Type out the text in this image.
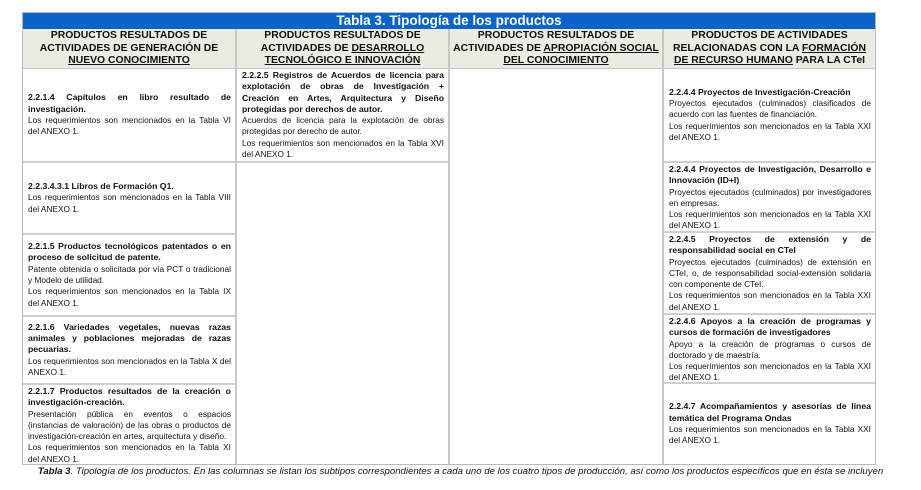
Tabla 3. Tipología de los productos
PRODUCTOS RESULTADOS DE ACTIVIDADES DE GENERACIÓN DE NUEVO CONOCIMIENTO
PRODUCTOS RESULTADOS DE ACTIVIDADES DE DESARROLLO TECNOLÓGICO E INNOVACIÓN
PRODUCTOS RESULTADOS DE ACTIVIDADES DE APROPIACIÓN SOCIAL DEL CONOCIMIENTO
PRODUCTOS DE ACTIVIDADES RELACIONADAS CON LA FORMACIÓN DE RECURSO HUMANO PARA LA CTeI
2.2.1.4 Capítulos en libro resultado de investigación.
Los requerimientos son mencionados en la Tabla VI del ANEXO 1.
2.2.3.4.3.1 Libros de Formación Q1.
Los requerimientos son mencionados en la Tabla VIII del ANEXO 1.
2.2.1.5 Productos tecnológicos patentados o en proceso de solicitud de patente.
Patente obtenida o solicitada por vía PCT o tradicional y Modelo de utilidad.
Los requerimientos son mencionados en la Tabla IX del ANEXO 1.
2.2.1.6 Variedades vegetales, nuevas razas animales y poblaciones mejoradas de razas pecuarias.
Los requerimientos son mencionados en la Tabla X del ANEXO 1.
2.2.1.7 Productos resultados de la creación o investigación-creación.
Presentación pública en eventos o espacios (instancias de valoración) de las obras o productos de investigación-creación en artes, arquitectura y diseño.
Los requerimientos son mencionados en la Tabla XI del ANEXO 1.
2.2.2.5 Registros de Acuerdos de licencia para explotación de obras de Investigación + Creación en Artes, Arquitectura y Diseño protegidas por derechos de autor.
Acuerdos de licencia para la explotación de obras protegidas por derecho de autor.
Los requerimientos son mencionados en la Tabla XVI del ANEXO 1.
2.2.4.4 Proyectos de Investigación-Creación
Proyectos ejecutados (culminados) clasificados de acuerdo con las fuentes de financiación.
Los requerimientos son mencionados en la Tabla XXI del ANEXO 1.
2.2.4.4 Proyectos de Investigación, Desarrollo e Innovación (ID+I)
Proyectos ejecutados (culminados) por investigadores en empresas.
Los requerimientos son mencionados en la Tabla XXI del ANEXO 1.
2.2.4.5 Proyectos de extensión y de responsabilidad social en CTeI
Proyectos ejecutados (culminados) de extensión en CTeI, o, de responsabilidad social-extensión solidaria con componente de CTeI.
Los requerimientos son mencionados en la Tabla XXI del ANEXO 1.
2.2.4.6 Apoyos a la creación de programas y cursos de formación de investigadores
Apoyo a la creación de programas o cursos de doctorado y de maestría.
Los requerimientos son mencionados en la Tabla XXI del ANEXO 1.
2.2.4.7 Acompañamientos y asesorías de línea temática del Programa Ondas
Los requerimientos son mencionados en la Tabla XXI del ANEXO 1.
Tabla 3. Tipología de los productos. En las columnas se listan los subtipos correspondientes a cada uno de los cuatro tipos de producción, así como los productos específicos que en ésta se incluyen
